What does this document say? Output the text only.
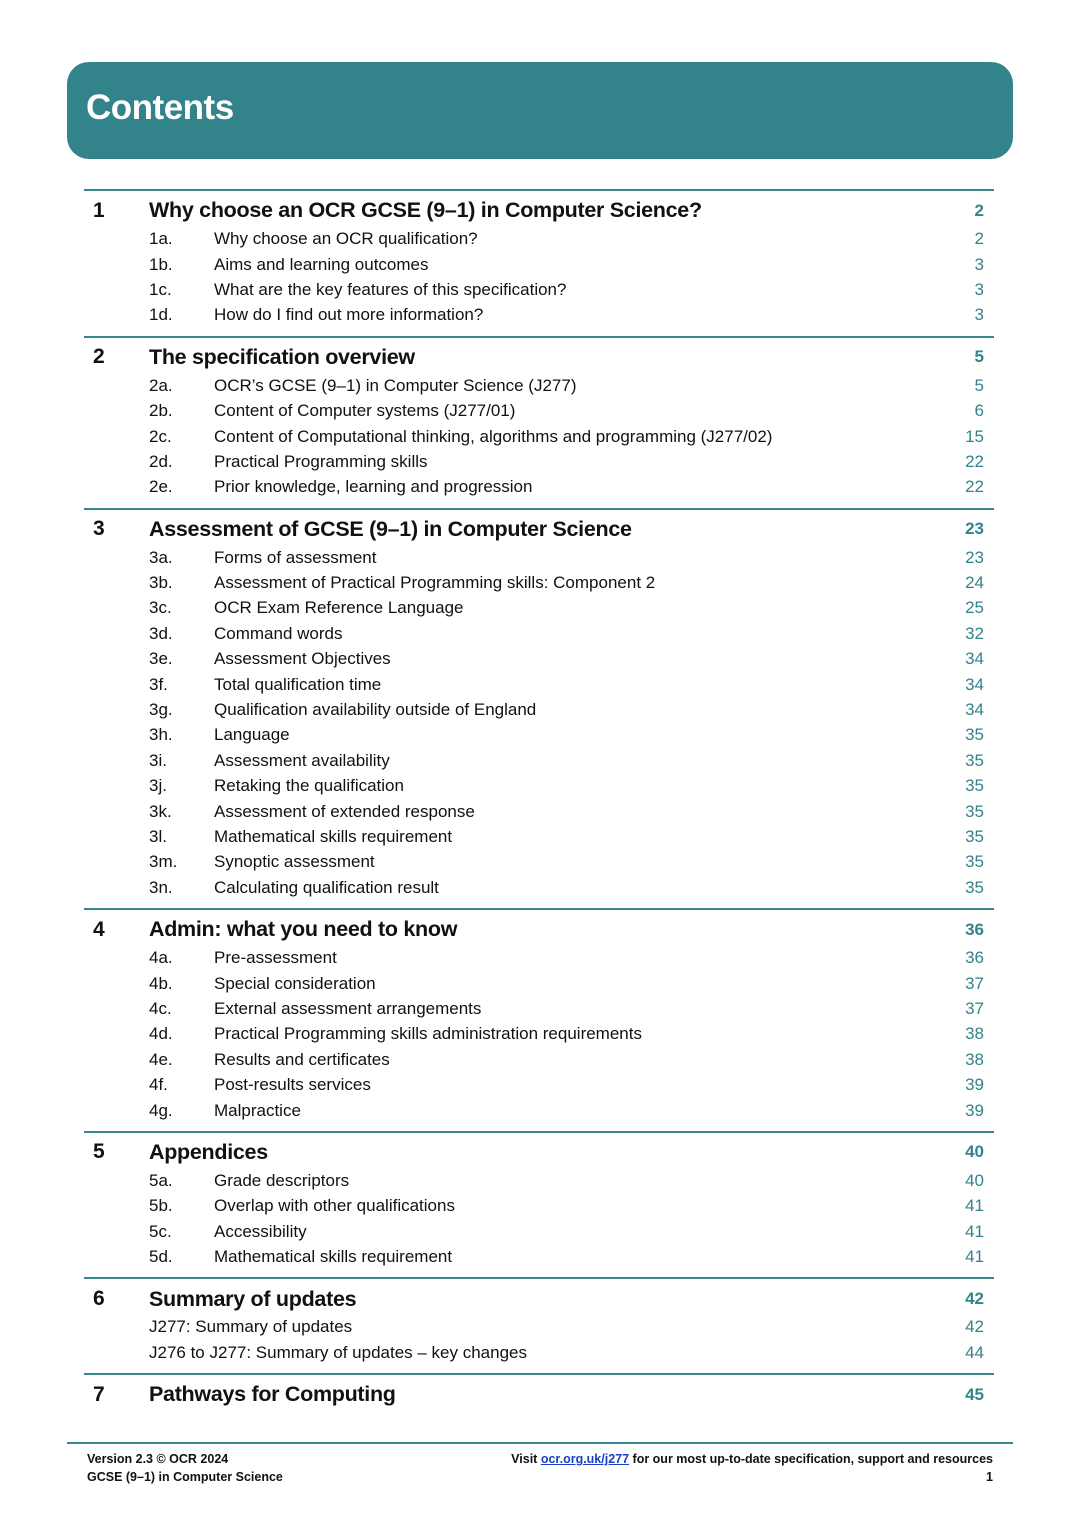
Contents
1	Why choose an OCR GCSE (9–1) in Computer Science?	2
1a.	Why choose an OCR qualification?	2
1b.	Aims and learning outcomes	3
1c.	What are the key features of this specification?	3
1d.	How do I find out more information?	3
2	The specification overview	5
2a.	OCR’s GCSE (9–1) in Computer Science (J277)	5
2b.	Content of Computer systems (J277/01)	6
2c.	Content of Computational thinking, algorithms and programming (J277/02)	15
2d.	Practical Programming skills	22
2e.	Prior knowledge, learning and progression	22
3	Assessment of GCSE (9–1) in Computer Science	23
3a.	Forms of assessment	23
3b.	Assessment of Practical Programming skills: Component 2	24
3c.	OCR Exam Reference Language	25
3d.	Command words	32
3e.	Assessment Objectives	34
3f.	Total qualification time	34
3g.	Qualification availability outside of England	34
3h.	Language	35
3i.	Assessment availability	35
3j.	Retaking the qualification	35
3k.	Assessment of extended response	35
3l.	Mathematical skills requirement	35
3m.	Synoptic assessment	35
3n.	Calculating qualification result	35
4	Admin: what you need to know	36
4a.	Pre-assessment	36
4b.	Special consideration	37
4c.	External assessment arrangements	37
4d.	Practical Programming skills administration requirements	38
4e.	Results and certificates	38
4f.	Post-results services	39
4g.	Malpractice	39
5	Appendices	40
5a.	Grade descriptors	40
5b.	Overlap with other qualifications	41
5c.	Accessibility	41
5d.	Mathematical skills requirement	41
6	Summary of updates	42
J277: Summary of updates	42
J276 to J277: Summary of updates – key changes	44
7	Pathways for Computing	45
Version 2.3 © OCR 2024
GCSE (9–1) in Computer Science
Visit ocr.org.uk/j277 for our most up-to-date specification, support and resources
1
